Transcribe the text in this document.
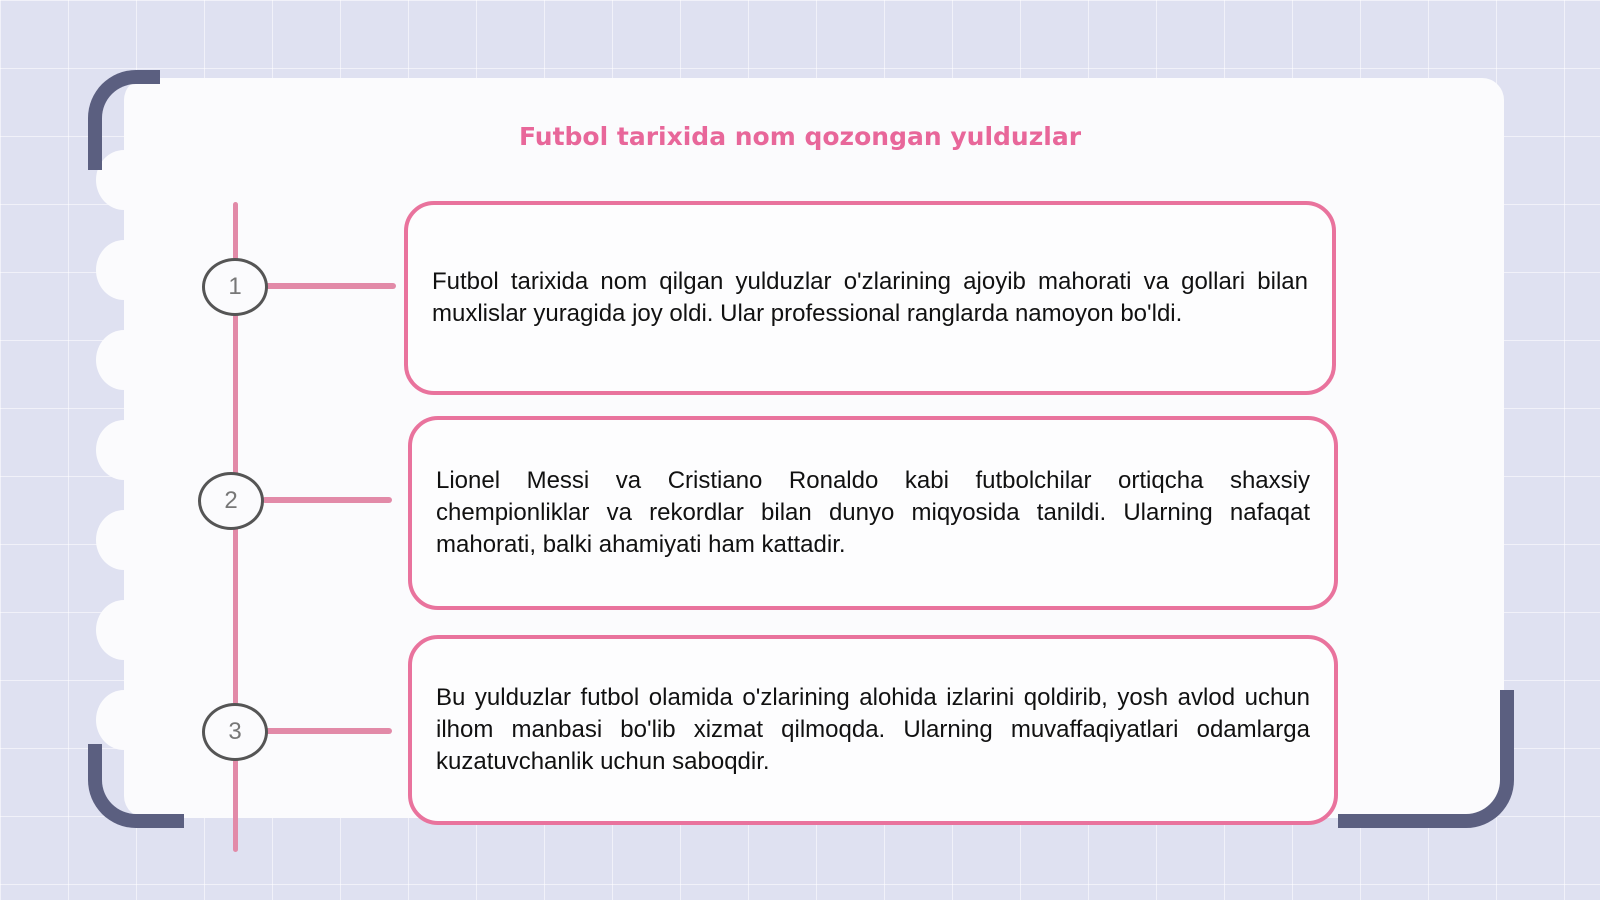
Futbol tarixida nom qozongan yulduzlar
1	Futbol tarixida nom qilgan yulduzlar o'zlarining ajoyib mahorati va gollari bilan muxlislar yuragida joy oldi. Ular professional ranglarda namoyon bo'ldi.

2

Lionel Messi va Cristiano Ronaldo kabi futbolchilar ortiqcha shaxsiy chempionliklar va rekordlar bilan dunyo miqyosida tanildi. Ularning nafaqat mahorati, balki ahamiyati ham kattadir.

3

Bu yulduzlar futbol olamida o'zlarining alohida izlarini qoldirib, yosh avlod uchun ilhom manbasi bo'lib xizmat qilmoqda. Ularning muvaffaqiyatlari odamlarga kuzatuvchanlik uchun saboqdir.
